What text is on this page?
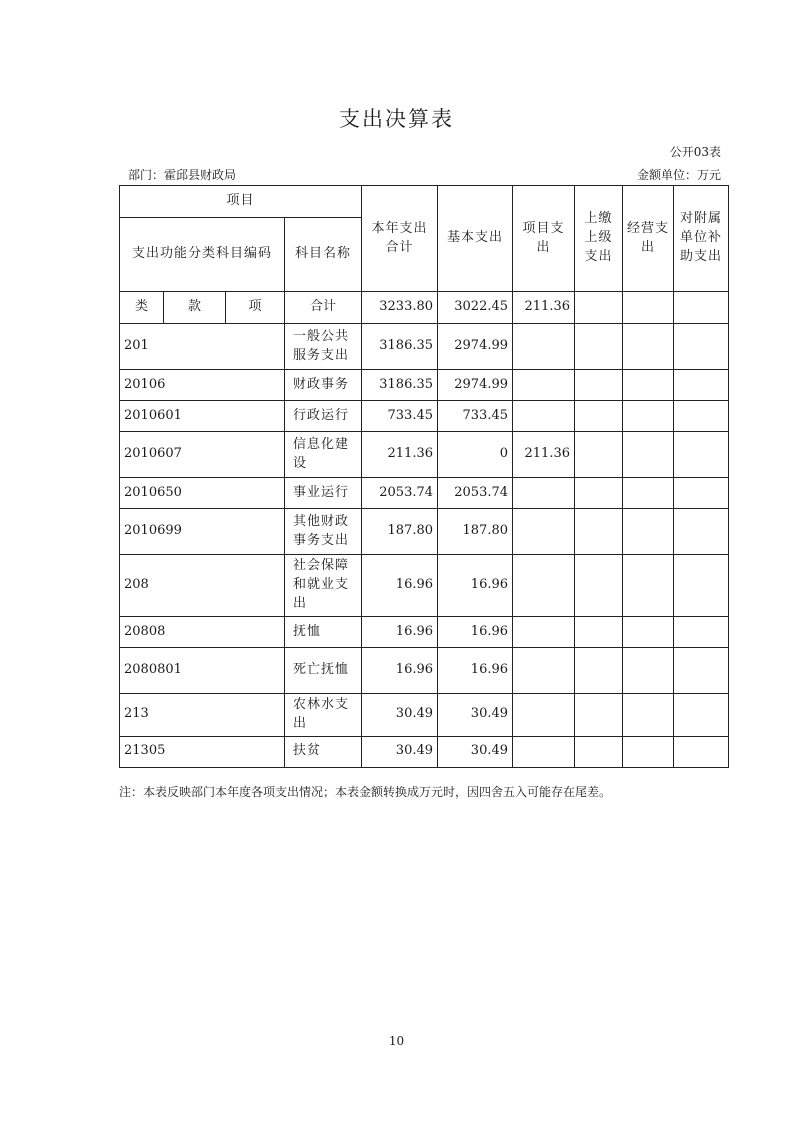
支出决算表
公开03表
部门：霍邱县财政局	金额单位：万元
项目				本年支出合计	基本支出	项目支出	上缴上级支出	经营支出	对附属单位补助支出
支出功能分类科目编码			科目名称						
类	款	项	合计	3233.80	3022.45	211.36			
201			一般公共服务支出	3186.35	2974.99				
20106			财政事务	3186.35	2974.99				
2010601			行政运行	733.45	733.45				
2010607			信息化建设	211.36	0	211.36			
2010650			事业运行	2053.74	2053.74				
2010699			其他财政事务支出	187.80	187.80				
208			社会保障和就业支出	16.96	16.96				
20808			抚恤	16.96	16.96				
2080801			死亡抚恤	16.96	16.96				
213			农林水支出	30.49	30.49				
21305			扶贫	30.49	30.49				
注：本表反映部门本年度各项支出情况；本表金额转换成万元时，因四舍五入可能存在尾差。
10
